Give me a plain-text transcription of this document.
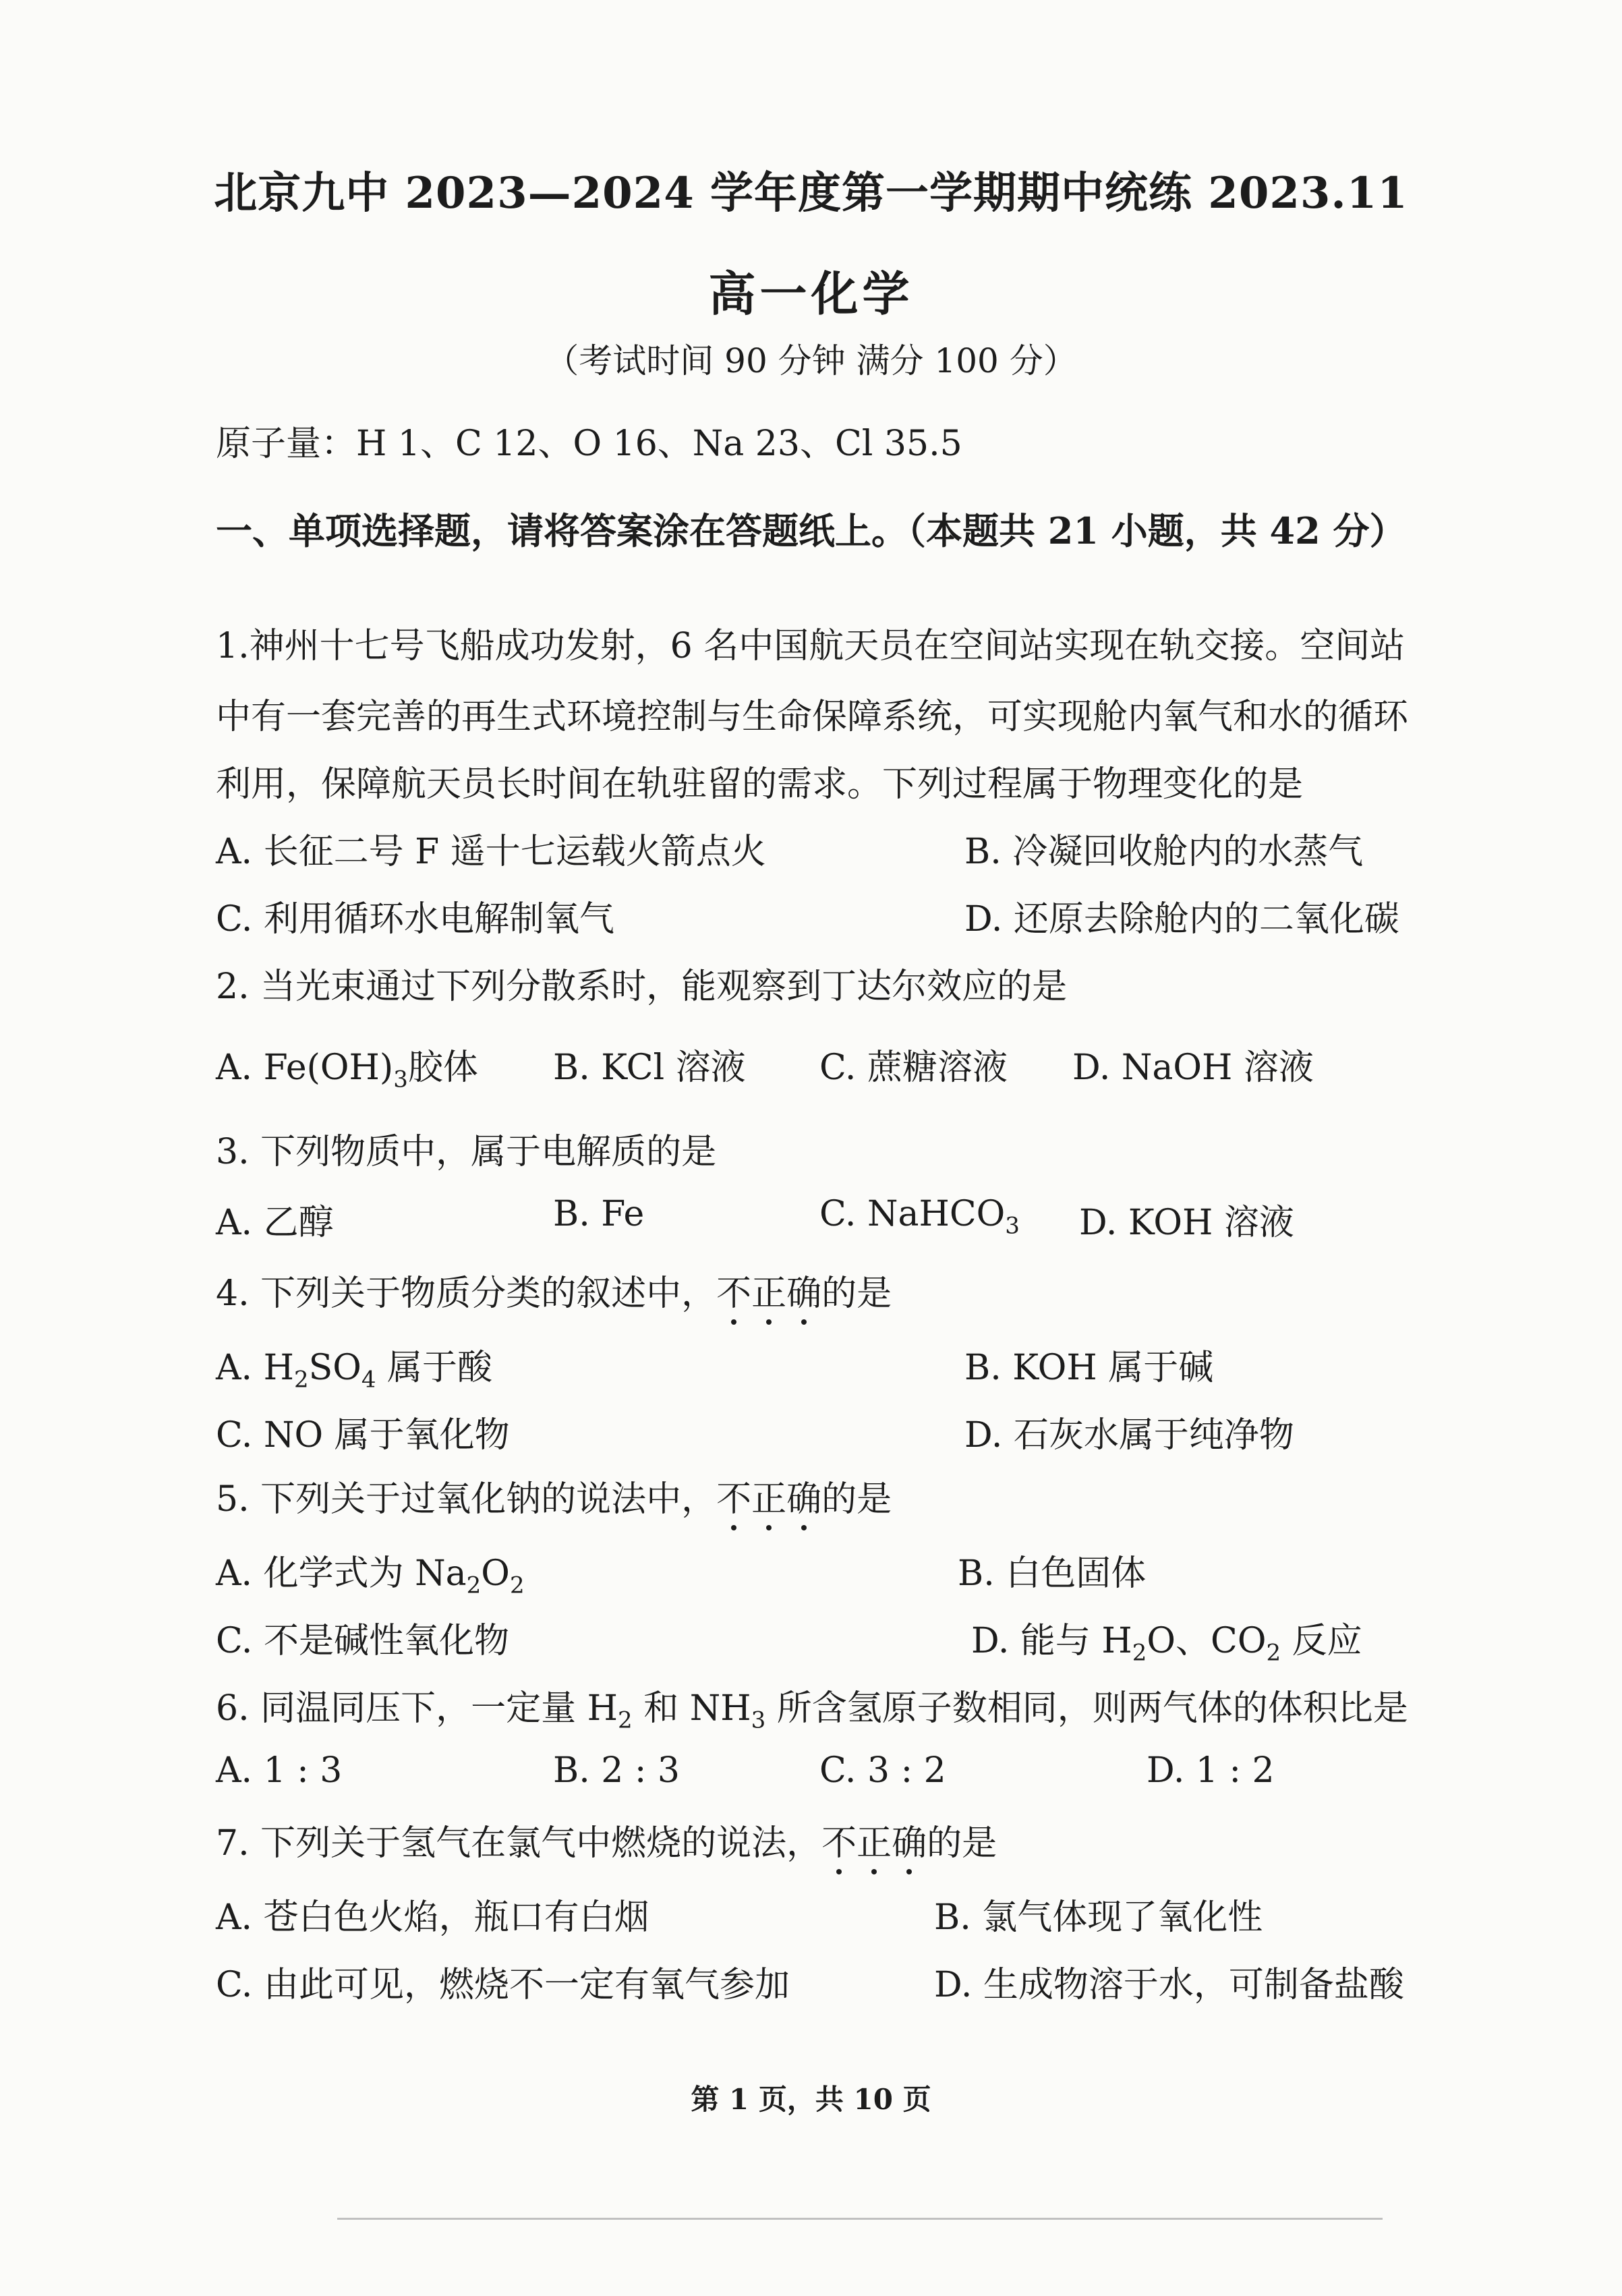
北京九中 2023—2024 学年度第一学期期中统练 2023.11
高一化学
（考试时间 90 分钟 满分 100 分）
原子量：H 1、C 12、O 16、Na 23、Cl 35.5
一、单项选择题，请将答案涂在答题纸上。（本题共 21 小题，共 42 分）
1.神州十七号飞船成功发射，6 名中国航天员在空间站实现在轨交接。空间站
中有一套完善的再生式环境控制与生命保障系统，可实现舱内氧气和水的循环
利用，保障航天员长时间在轨驻留的需求。下列过程属于物理变化的是
A. 长征二号 F 遥十七运载火箭点火	B. 冷凝回收舱内的水蒸气
C. 利用循环水电解制氧气	D. 还原去除舱内的二氧化碳
2. 当光束通过下列分散系时，能观察到丁达尔效应的是
A. $Fe(OH)_3$胶体 B. KCl 溶液 C. 蔗糖溶液 D. NaOH 溶液
3. 下列物质中，属于电解质的是
A. 乙醇	B. Fe	C. NaHCO$_3$ D. KOH 溶液
4. 下列关于物质分类的叙述中，不正确
的是
A. $H_2SO_4$ 属于酸	B. KOH 属于碱
C. NO 属于氧化物	D. 石灰水属于纯净物
5. 下列关于过氧化钠的说法中，不正确
的是
A. 化学式为 $Na_2O_2$	B. 白色固体
C. 不是碱性氧化物	D. 能与 $H_2O$、$CO_2$ 反应
6. 同温同压下，一定量 $H_2$ 和 $NH_3$ 所含氢原子数相同，则两气体的体积比是
A. 1 : 3	B. 2 : 3	C. 3 : 2	D. 1 : 2
7. 下列关于氢气在氯气中燃烧的说法，不正确
的是
A. 苍白色火焰，瓶口有白烟	B. 氯气体现了氧化性
C. 由此可见，燃烧不一定有氧气参加	D. 生成物溶于水，可制备盐酸
第 1 页，共 10 页
